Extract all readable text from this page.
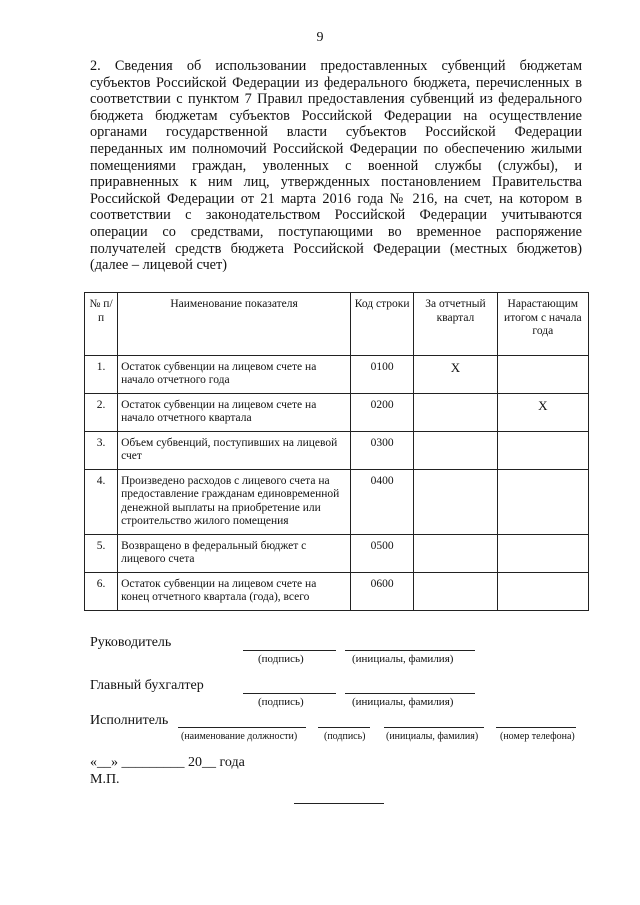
9
2. Сведения об использовании предоставленных субвенций бюджетам субъектов Российской Федерации из федерального бюджета, перечисленных в соответствии с пунктом 7 Правил предоставления субвенций из федерального бюджета бюджетам субъектов Российской Федерации на осуществление органами государственной власти субъектов Российской Федерации переданных им полномочий Российской Федерации по обеспечению жилыми помещениями граждан, уволенных с военной службы (службы), и приравненных к ним лиц, утвержденных постановлением Правительства Российской Федерации от 21 марта 2016 года № 216, на счет, на котором в соответствии с законодательством Российской Федерации учитываются операции со средствами, поступающими во временное распоряжение получателей средств бюджета Российской Федерации (местных бюджетов) (далее – лицевой счет)
№ п/п	Наименование показателя	Код строки	За отчетный квартал	Нарастающим итогом с начала года
1.	Остаток субвенции на лицевом счете на начало отчетного года	0100	Х	
2.	Остаток субвенции на лицевом счете на начало отчетного квартала	0200		Х
3.	Объем субвенций, поступивших на лицевой счет	0300		
4.	Произведено расходов с лицевого счета на предоставление гражданам единовременной денежной выплаты на приобретение или строительство жилого помещения	0400		
5.	Возвращено в федеральный бюджет с лицевого счета	0500		
6.	Остаток субвенции на лицевом счете на конец отчетного квартала (года), всего	0600		
Руководитель
(подпись)	(инициалы, фамилия)
Главный бухгалтер
(подпись)	(инициалы, фамилия)
Исполнитель
(наименование должности)	(подпись) (инициалы, фамилия) (номер телефона)
«__» _________ 20__ года
М.П.
